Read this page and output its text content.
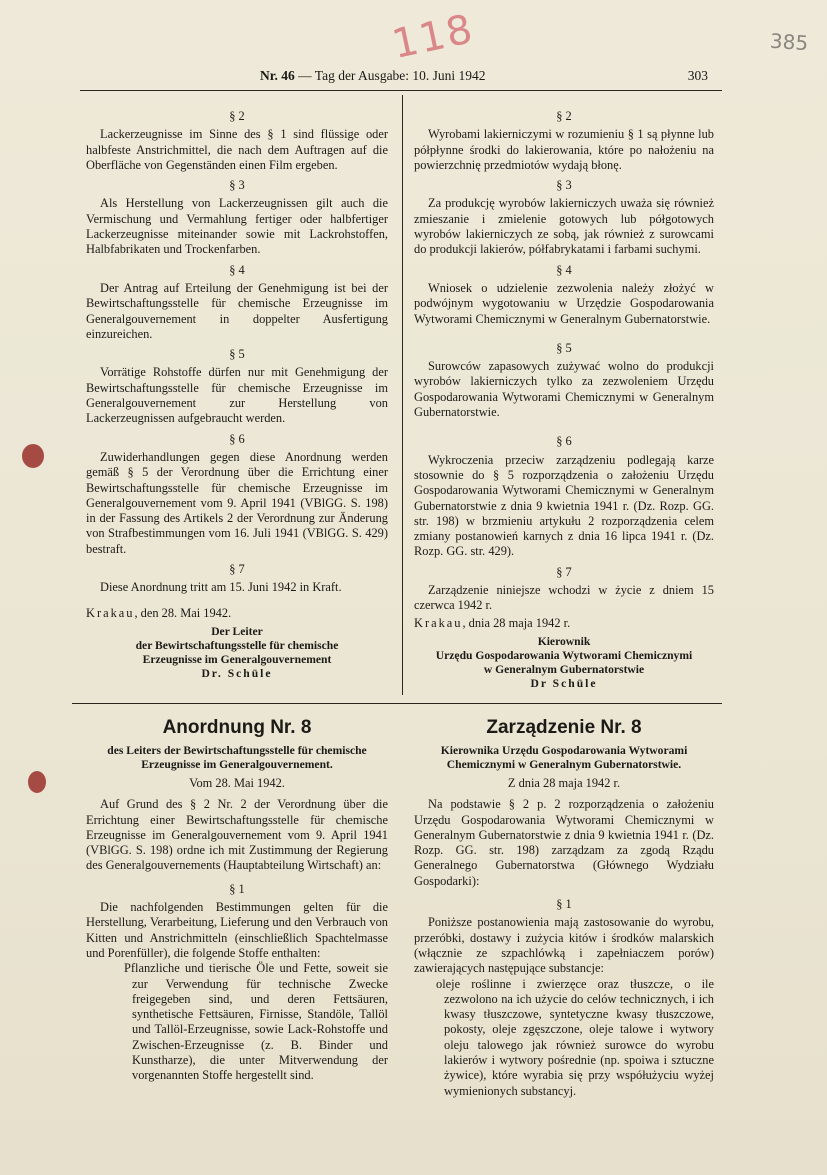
118	385
Nr. 46 — Tag der Ausgabe: 10. Juni 1942	303
§ 2

Lackerzeugnisse im Sinne des § 1 sind flüssige oder halbfeste Anstrichmittel, die nach dem Auftragen auf die Oberfläche von Gegenständen einen Film ergeben.

§ 3

Als Herstellung von Lackerzeugnissen gilt auch die Vermischung und Vermahlung fertiger oder halbfertiger Lackerzeugnisse miteinander sowie mit Lackrohstoffen, Halbfabrikaten und Trockenfarben.

§ 4

Der Antrag auf Erteilung der Genehmigung ist bei der Bewirtschaftungsstelle für chemische Erzeugnisse im Generalgouvernement in doppelter Ausfertigung einzureichen.

§ 5

Vorrätige Rohstoffe dürfen nur mit Genehmigung der Bewirtschaftungsstelle für chemische Erzeugnisse im Generalgouvernement zur Herstellung von Lackerzeugnissen aufgebraucht werden.

§ 6

Zuwiderhandlungen gegen diese Anordnung werden gemäß § 5 der Verordnung über die Errichtung einer Bewirtschaftungsstelle für chemische Erzeugnisse im Generalgouvernement vom 9. April 1941 (VBlGG. S. 198) in der Fassung des Artikels 2 der Verordnung zur Änderung von Strafbestimmungen vom 16. Juli 1941 (VBlGG. S. 429) bestraft.

§ 7

Diese Anordnung tritt am 15. Juni 1942 in Kraft.

Krakau, den 28. Mai 1942.

Der Leiter

der Bewirtschaftungsstelle für chemische

Erzeugnisse im Generalgouvernement

Dr. Schüle

§ 2

Wyrobami lakierniczymi w rozumieniu § 1 są płynne lub półpłynne środki do lakierowania, które po nałożeniu na powierzchnię przedmiotów wydają błonę.

§ 3

Za produkcję wyrobów lakierniczych uważa się również zmieszanie i zmielenie gotowych lub półgotowych wyrobów lakierniczych ze sobą, jak również z surowcami do produkcji lakierów, półfabrykatami i farbami suchymi.

§ 4

Wniosek o udzielenie zezwolenia należy złożyć w podwójnym wygotowaniu w Urzędzie Gospodarowania Wytworami Chemicznymi w Generalnym Gubernatorstwie.

§ 5

Surowców zapasowych zużywać wolno do produkcji wyrobów lakierniczych tylko za zezwoleniem Urzędu Gospodarowania Wytworami Chemicznymi w Generalnym Gubernatorstwie.

§ 6

Wykroczenia przeciw zarządzeniu podlegają karze stosownie do § 5 rozporządzenia o założeniu Urzędu Gospodarowania Wytworami Chemicznymi w Generalnym Gubernatorstwie z dnia 9 kwietnia 1941 r. (Dz. Rozp. GG. str. 198) w brzmieniu artykułu 2 rozporządzenia celem zmiany postanowień karnych z dnia 16 lipca 1941 r. (Dz. Rozp. GG. str. 429).

§ 7

Zarządzenie niniejsze wchodzi w życie z dniem 15 czerwca 1942 r.

Krakau, dnia 28 maja 1942 r.

Kierownik

Urzędu Gospodarowania Wytworami Chemicznymi

w Generalnym Gubernatorstwie

Dr Schüle

Anordnung Nr. 8

des Leiters der Bewirtschaftungsstelle für chemische Erzeugnisse im Generalgouvernement.

Vom 28. Mai 1942.

Auf Grund des § 2 Nr. 2 der Verordnung über die Errichtung einer Bewirtschaftungsstelle für chemische Erzeugnisse im Generalgouvernement vom 9. April 1941 (VBlGG. S. 198) ordne ich mit Zustimmung der Regierung des Generalgouvernements (Hauptabteilung Wirtschaft) an:

§ 1

Die nachfolgenden Bestimmungen gelten für die Herstellung, Verarbeitung, Lieferung und den Verbrauch von Kitten und Anstrichmitteln (einschließlich Spachtelmasse und Porenfüller), die folgende Stoffe enthalten:

Pflanzliche und tierische Öle und Fette, soweit sie zur Verwendung für technische Zwecke freigegeben sind, und deren Fettsäuren, synthetische Fettsäuren, Firnisse, Standöle, Tallöl und Tallöl-Erzeugnisse, sowie Lack-Rohstoffe und Zwischen-Erzeugnisse (z. B. Binder und Kunstharze), die unter Mitverwendung der vorgenannten Stoffe hergestellt sind.

Zarządzenie Nr. 8

Kierownika Urzędu Gospodarowania Wytworami Chemicznymi w Generalnym Gubernatorstwie.

Z dnia 28 maja 1942 r.

Na podstawie § 2 p. 2 rozporządzenia o założeniu Urzędu Gospodarowania Wytworami Chemicznymi w Generalnym Gubernatorstwie z dnia 9 kwietnia 1941 r. (Dz. Rozp. GG. str. 198) zarządzam za zgodą Rządu Generalnego Gubernatorstwa (Głównego Wydziału Gospodarki):

§ 1

Poniższe postanowienia mają zastosowanie do wyrobu, przeróbki, dostawy i zużycia kitów i środków malarskich (włącznie ze szpachlówką i zapełniaczem porów) zawierających następujące substancje:

oleje roślinne i zwierzęce oraz tłuszcze, o ile zezwolono na ich użycie do celów technicznych, i ich kwasy tłuszczowe, syntetyczne kwasy tłuszczowe, pokosty, oleje zgęszczone, oleje talowe i wytwory oleju talowego jak również surowce do wyrobu lakierów i wytwory pośrednie (np. spoiwa i sztuczne żywice), które wyrabia się przy współużyciu wyżej wymienionych substancyj.
